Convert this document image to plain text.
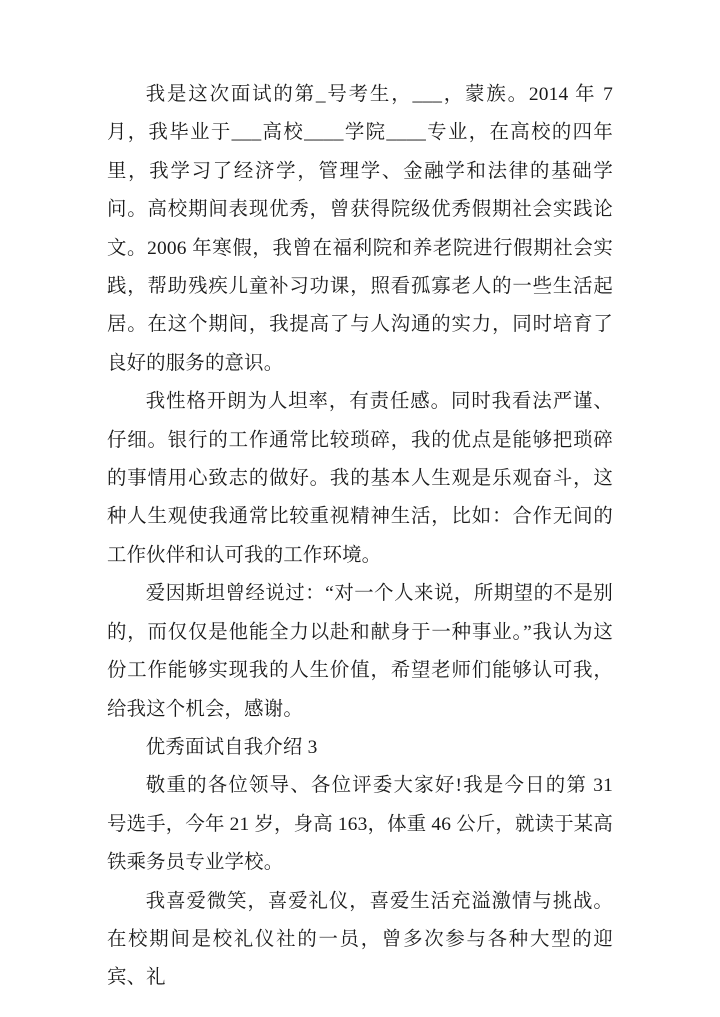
我是这次面试的第_号考生，___，蒙族。2014 年 7 月，我毕业于___高校____学院____专业，在高校的四年里，我学习了经济学，管理学、金融学和法律的基础学问。高校期间表现优秀，曾获得院级优秀假期社会实践论文。2006 年寒假，我曾在福利院和养老院进行假期社会实践，帮助残疾儿童补习功课，照看孤寡老人的一些生活起居。在这个期间，我提高了与人沟通的实力，同时培育了良好的服务的意识。

我性格开朗为人坦率，有责任感。同时我看法严谨、仔细。银行的工作通常比较琐碎，我的优点是能够把琐碎的事情用心致志的做好。我的基本人生观是乐观奋斗，这种人生观使我通常比较重视精神生活，比如：合作无间的工作伙伴和认可我的工作环境。

爱因斯坦曾经说过：“对一个人来说，所期望的不是别的，而仅仅是他能全力以赴和献身于一种事业。”我认为这份工作能够实现我的人生价值，希望老师们能够认可我，给我这个机会，感谢。

优秀面试自我介绍 3

敬重的各位领导、各位评委大家好!我是今日的第 31 号选手，今年 21 岁，身高 163，体重 46 公斤，就读于某高铁乘务员专业学校。

我喜爱微笑，喜爱礼仪，喜爱生活充溢激情与挑战。在校期间是校礼仪社的一员，曾多次参与各种大型的迎宾、礼
